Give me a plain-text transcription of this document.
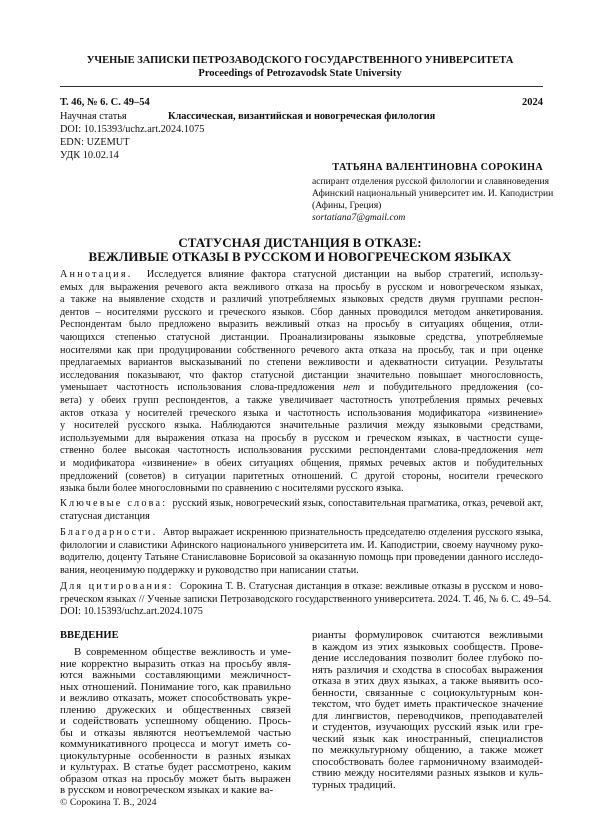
УЧЕНЫЕ ЗАПИСКИ ПЕТРОЗАВОДСКОГО ГОСУДАРСТВЕННОГО УНИВЕРСИТЕТА
Proceedings of Petrozavodsk State University
Т. 46, № 6. С. 49–54	2024
Научная статья	Классическая, византийская и новогреческая филология
DOI: 10.15393/uchz.art.2024.1075
EDN: UZEMUT
УДК 10.02.14
ТАТЬЯНА ВАЛЕНТИНОВНА СОРОКИНА
аспирант отделения русской филологии и славяноведения
Афинский национальный университет им. И. Каподистрии
(Афины, Греция)
sortatiana7@gmail.com
СТАТУСНАЯ ДИСТАНЦИЯ В ОТКАЗЕ:
ВЕЖЛИВЫЕ ОТКАЗЫ В РУССКОМ И НОВОГРЕЧЕСКОМ ЯЗЫКАХ
Аннотация. Исследуется влияние фактора статусной дистанции на выбор стратегий, использу-
емых для выражения речевого акта вежливого отказа на просьбу в русском и новогреческом языках,
а также на выявление сходств и различий употребляемых языковых средств двумя группами респон-
дентов – носителями русского и греческого языков. Сбор данных проводился методом анкетирования.
Респондентам было предложено выразить вежливый отказ на просьбу в ситуациях общения, отли-
чающихся степенью статусной дистанции. Проанализированы языковые средства, употребляемые
носителями как при продуцировании собственного речевого акта отказа на просьбу, так и при оценке
предлагаемых вариантов высказываний по степени вежливости и адекватности ситуации. Результаты
исследования показывают, что фактор статусной дистанции значительно повышает многословность,
уменьшает частотность использования слова-предложения нет и побудительного предложения (со-
вета) у обеих групп респондентов, а также увеличивает частотность употребления прямых речевых
актов отказа у носителей греческого языка и частотность использования модификатора «извинение»
у носителей русского языка. Наблюдаются значительные различия между языковыми средствами,
используемыми для выражения отказа на просьбу в русском и греческом языках, в частности суще-
ственно более высокая частотность использования русскими респондентами слова-предложения нет
и модификатора «извинение» в обеих ситуациях общения, прямых речевых актов и побудительных
предложений (советов) в ситуации паритетных отношений. С другой стороны, носители греческого
языка были более многословными по сравнению с носителями русского языка.
Ключевые слова: русский язык, новогреческий язык, сопоставительная прагматика, отказ, речевой акт,
статусная дистанция
Благодарности. Автор выражает искреннюю признательность председателю отделения русского языка,
филологии и славистики Афинского национального университета им. И. Каподистрии, своему научному руко-
водителю, доценту Татьяне Станиславовне Борисовой за оказанную помощь при проведении данного исследо-
вания, неоценимую поддержку и руководство при написании статьи.
Для цитирования: Сорокина Т. В. Статусная дистанция в отказе: вежливые отказы в русском и ново-
греческом языках // Ученые записки Петрозаводского государственного университета. 2024. Т. 46, № 6. С. 49–54.
DOI: 10.15393/uchz.art.2024.1075
ВВЕДЕНИЕ
В современном обществе вежливость и уме-
ние корректно выразить отказ на просьбу явля-
ются важными составляющими межличност-
ных отношений. Понимание того, как правильно
и вежливо отказать, может способствовать укре-
плению дружеских и общественных связей
и содействовать успешному общению. Прось-
бы и отказы являются неотъемлемой частью
коммуникативного процесса и могут иметь со-
циокультурные особенности в разных языках
и культурах. В статье будет рассмотрено, каким
образом отказ на просьбу может быть выражен
в русском и новогреческом языках и какие ва-
рианты формулировок считаются вежливыми
в каждом из этих языковых сообществ. Прове-
дение исследования позволит более глубоко по-
нять различия и сходства в способах выражения
отказа в этих двух языках, а также выявить осо-
бенности, связанные с социокультурным кон-
текстом, что будет иметь практическое значение
для лингвистов, переводчиков, преподавателей
и студентов, изучающих русский язык или гре-
ческий язык как иностранный, специалистов
по межкультурному общению, а также может
способствовать более гармоничному взаимодей-
ствию между носителями разных языков и куль-
турных традиций.
© Сорокина Т. В., 2024
